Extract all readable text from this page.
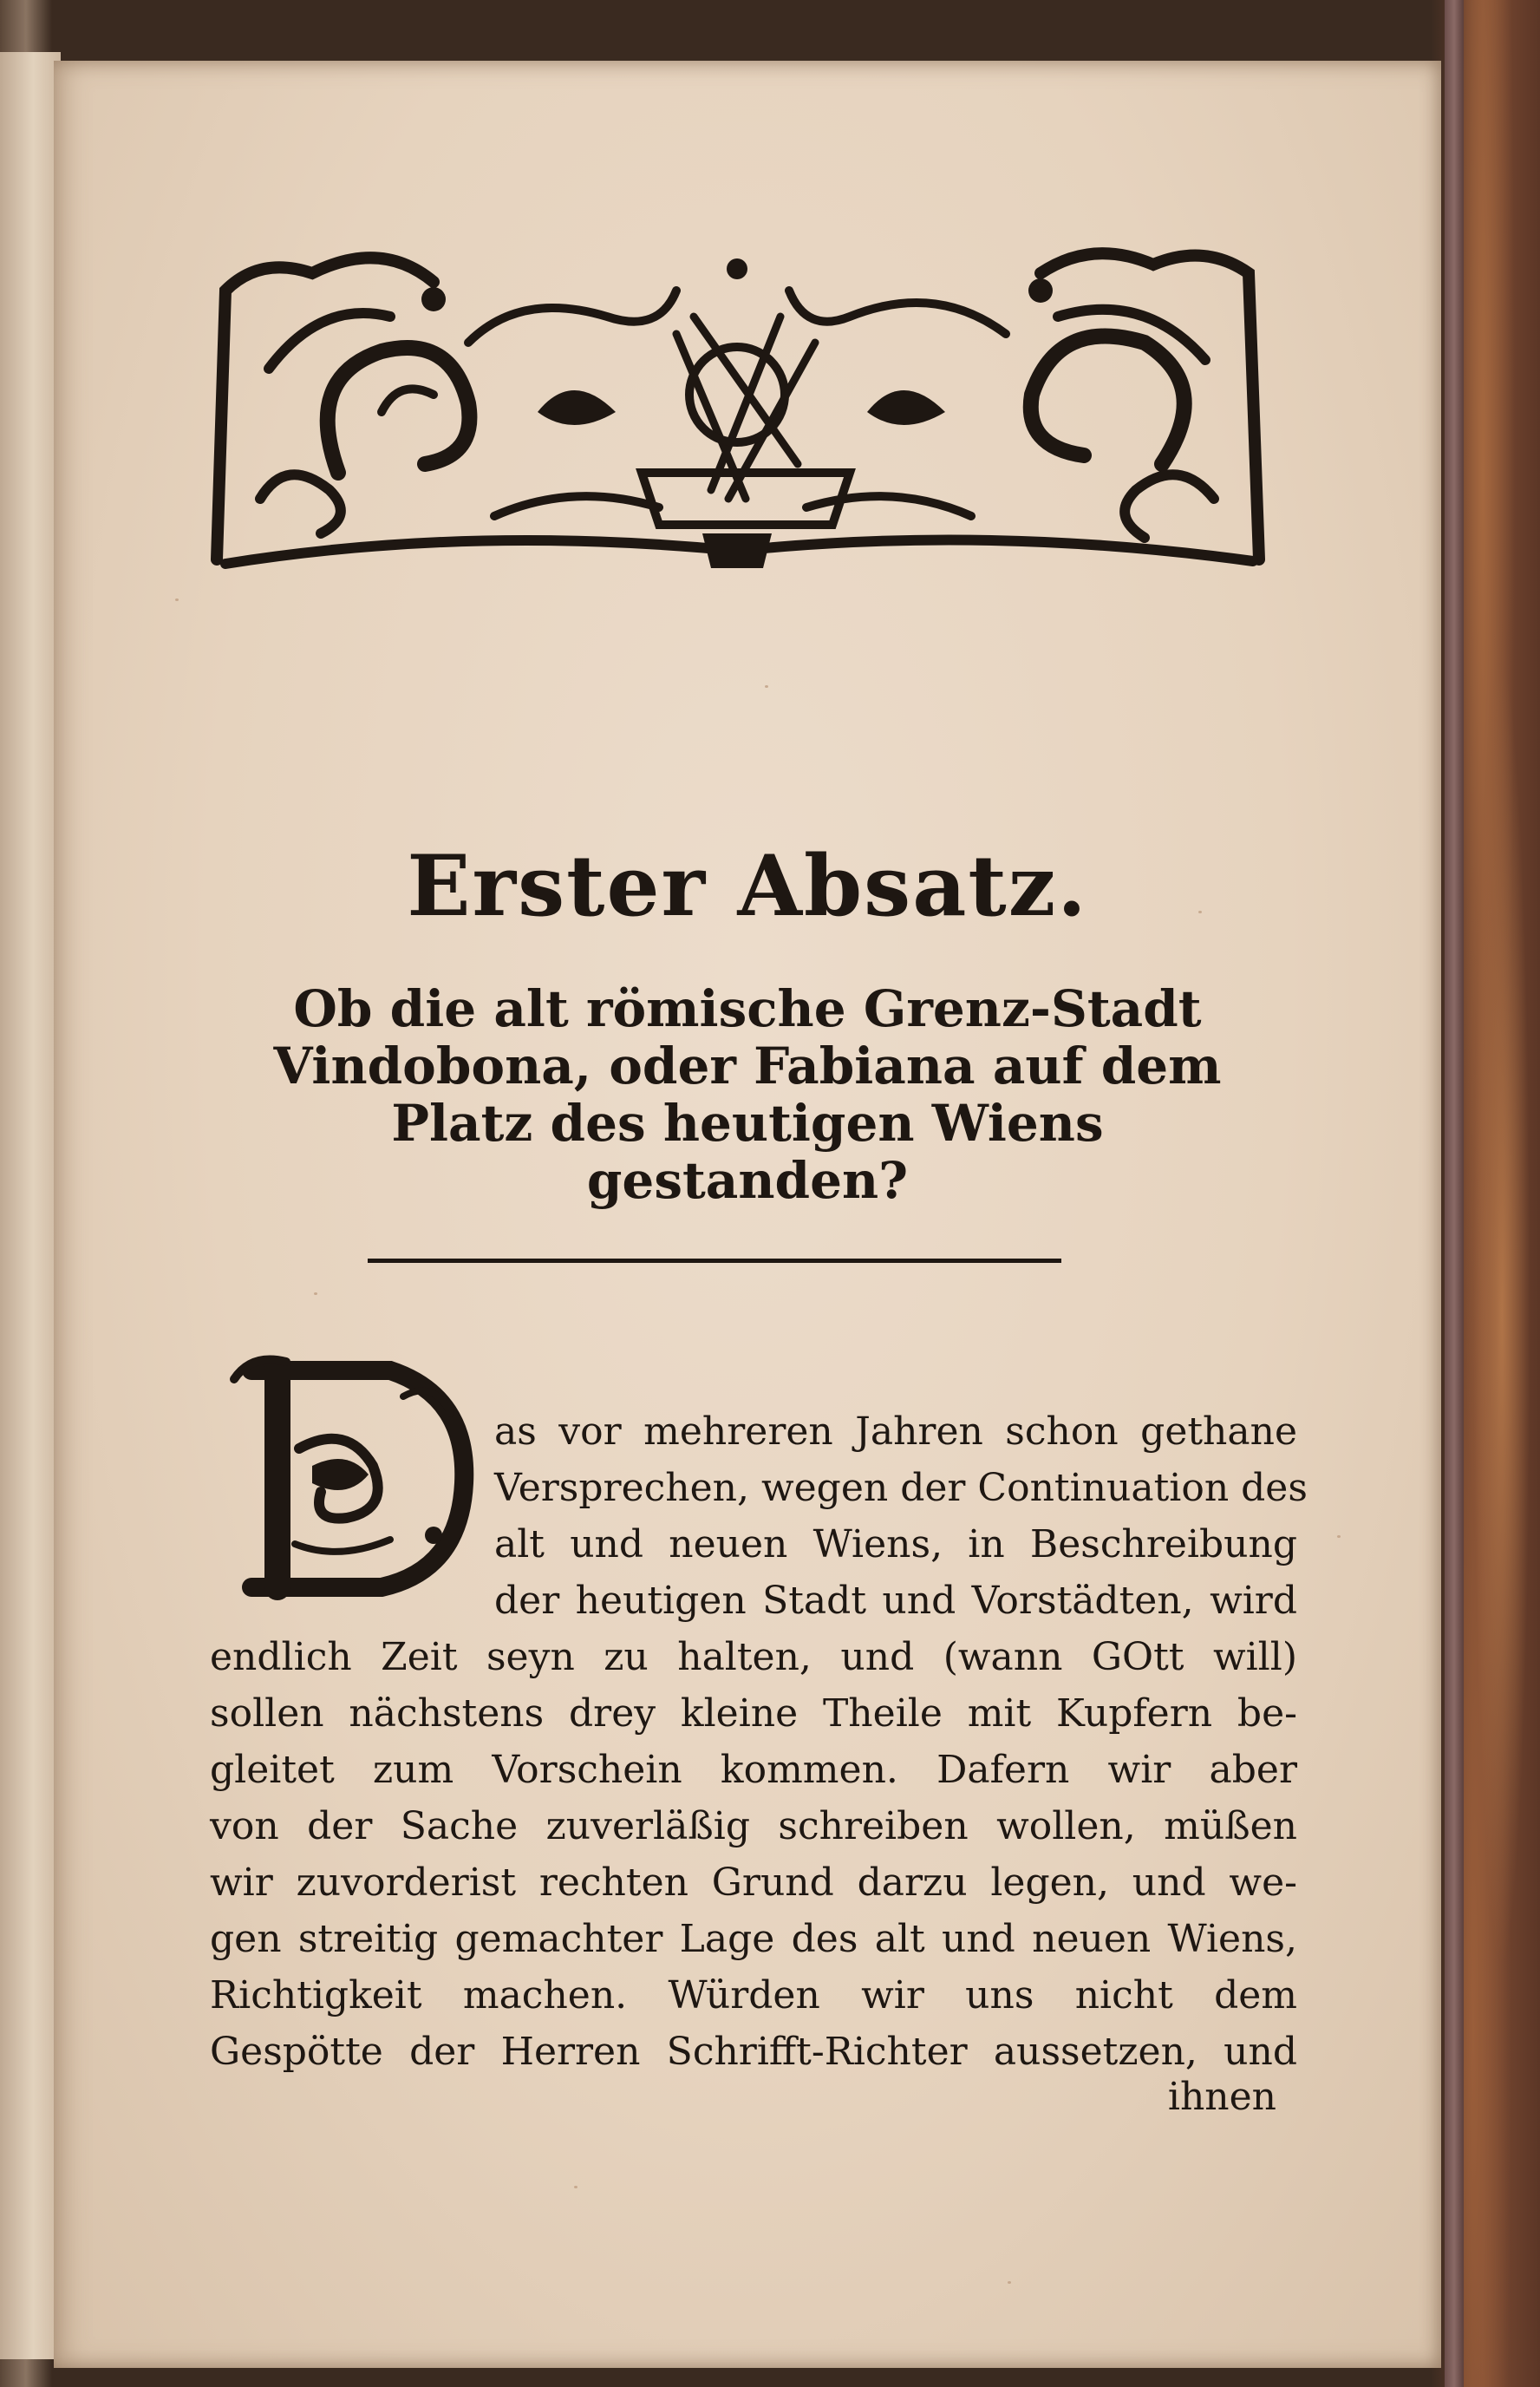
Erster Absatz.
Ob die alt römische Grenz-Stadt
Vindobona, oder Fabiana auf dem
Platz des heutigen Wiens
gestanden?
as vor mehreren Jahren schon gethane
Versprechen, wegen der Continuation des
alt und neuen Wiens, in Beschreibung
der heutigen Stadt und Vorstädten, wird
endlich Zeit seyn zu halten, und (wann GOtt will)
sollen nächstens drey kleine Theile mit Kupfern be-
gleitet zum Vorschein kommen. Dafern wir aber
von der Sache zuverläßig schreiben wollen, müßen
wir zuvorderist rechten Grund darzu legen, und we-
gen streitig gemachter Lage des alt und neuen Wiens,
Richtigkeit machen. Würden wir uns nicht dem
Gespötte der Herren Schrifft-Richter aussetzen, und
ihnen
